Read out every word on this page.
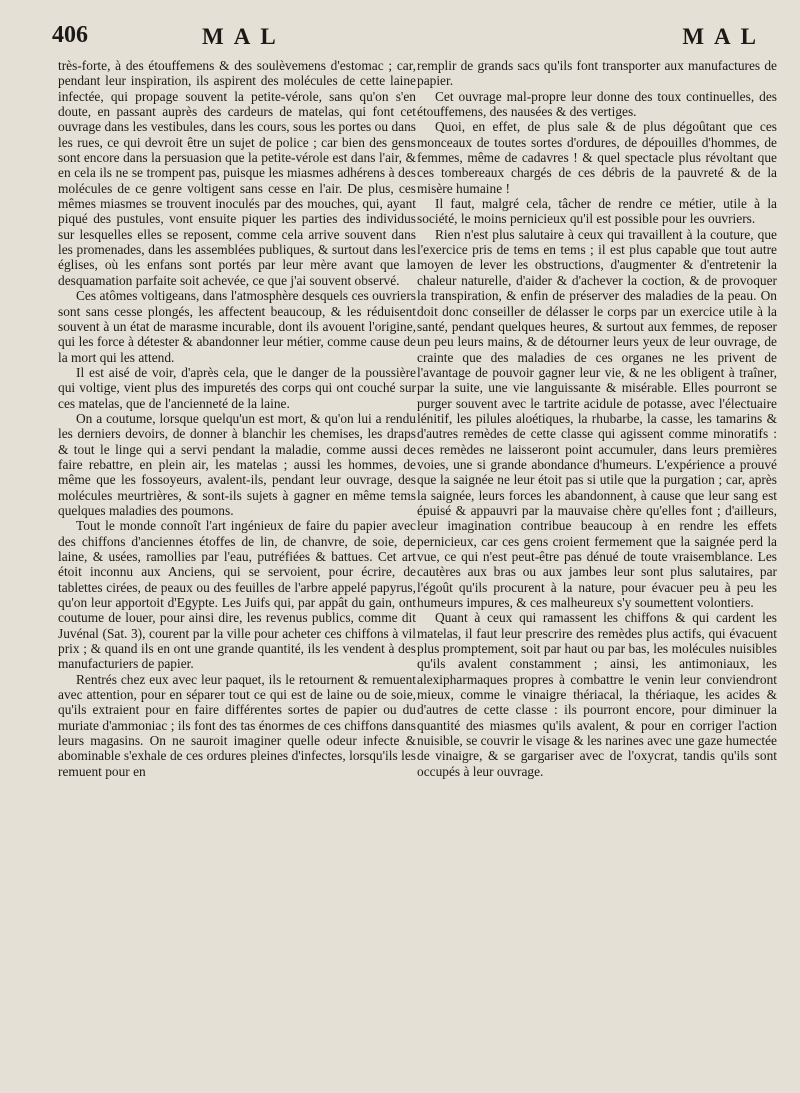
406	MAL	MAL

très-forte, à des étouffemens & des soulèvemens d'estomac ; car, pendant leur inspiration, ils aspirent des molécules de cette laine infectée, qui propage souvent la petite-vérole, sans qu'on s'en doute, en passant auprès des cardeurs de matelas, qui font cet ouvrage dans les vestibules, dans les cours, sous les portes ou dans les rues, ce qui devroit être un sujet de police ; car bien des gens sont encore dans la persuasion que la petite-vérole est dans l'air, & en cela ils ne se trompent pas, puisque les miasmes adhérens à des molécules de ce genre voltigent sans cesse en l'air. De plus, ces mêmes miasmes se trouvent inoculés par des mouches, qui, ayant piqué des pustules, vont ensuite piquer les parties des individus sur lesquelles elles se reposent, comme cela arrive souvent dans les promenades, dans les assemblées publiques, & surtout dans les églises, où les enfans sont portés par leur mère avant que la desquamation parfaite soit achevée, ce que j'ai souvent observé.

Ces atômes voltigeans, dans l'atmosphère desquels ces ouvriers sont sans cesse plongés, les affectent beaucoup, & les réduisent souvent à un état de marasme incurable, dont ils avouent l'origine, qui les force à détester & abandonner leur métier, comme cause de la mort qui les attend.

Il est aisé de voir, d'après cela, que le danger de la poussière qui voltige, vient plus des impuretés des corps qui ont couché sur ces matelas, que de l'ancienneté de la laine.

On a coutume, lorsque quelqu'un est mort, & qu'on lui a rendu les derniers devoirs, de donner à blanchir les chemises, les draps & tout le linge qui a servi pendant la maladie, comme aussi de faire rebattre, en plein air, les matelas ; aussi les hommes, de même que les fossoyeurs, avalent-ils, pendant leur ouvrage, des molécules meurtrières, & sont-ils sujets à gagner en même tems quelques maladies des poumons.

Tout le monde connoît l'art ingénieux de faire du papier avec des chiffons d'anciennes étoffes de lin, de chanvre, de soie, de laine, & usées, ramollies par l'eau, putréfiées & battues. Cet art étoit inconnu aux Anciens, qui se servoient, pour écrire, de tablettes cirées, de peaux ou des feuilles de l'arbre appelé papyrus, qu'on leur apportoit d'Egypte. Les Juifs qui, par appât du gain, ont coutume de louer, pour ainsi dire, les revenus publics, comme dit Juvénal (Sat. 3), courent par la ville pour acheter ces chiffons à vil prix ; & quand ils en ont une grande quantité, ils les vendent à des manufacturiers de papier.

Rentrés chez eux avec leur paquet, ils le retournent & remuent avec attention, pour en séparer tout ce qui est de laine ou de soie, qu'ils extraient pour en faire différentes sortes de papier ou du muriate d'ammoniac ; ils font des tas énormes de ces chiffons dans leurs magasins. On ne sauroit imaginer quelle odeur infecte & abominable s'exhale de ces ordures pleines d'infectes, lorsqu'ils les remuent pour en

remplir de grands sacs qu'ils font transporter aux manufactures de papier.

Cet ouvrage mal-propre leur donne des toux continuelles, des étouffemens, des nausées & des vertiges.

Quoi, en effet, de plus sale & de plus dégoûtant que ces monceaux de toutes sortes d'ordures, de dépouilles d'hommes, de femmes, même de cadavres ! & quel spectacle plus révoltant que ces tombereaux chargés de ces débris de la pauvreté & de la misère humaine !

Il faut, malgré cela, tâcher de rendre ce métier, utile à la société, le moins pernicieux qu'il est possible pour les ouvriers.

Rien n'est plus salutaire à ceux qui travaillent à la couture, que l'exercice pris de tems en tems ; il est plus capable que tout autre moyen de lever les obstructions, d'augmenter & d'entretenir la chaleur naturelle, d'aider & d'achever la coction, & de provoquer la transpiration, & enfin de préserver des maladies de la peau. On doit donc conseiller de délasser le corps par un exercice utile à la santé, pendant quelques heures, & surtout aux femmes, de reposer un peu leurs mains, & de détourner leurs yeux de leur ouvrage, de crainte que des maladies de ces organes ne les privent de l'avantage de pouvoir gagner leur vie, & ne les obligent à traîner, par la suite, une vie languissante & misérable. Elles pourront se purger souvent avec le tartrite acidule de potasse, avec l'électuaire lénitif, les pilules aloétiques, la rhubarbe, la casse, les tamarins & d'autres remèdes de cette classe qui agissent comme minoratifs : ces remèdes ne laisseront point accumuler, dans leurs premières voies, une si grande abondance d'humeurs. L'expérience a prouvé que la saignée ne leur étoit pas si utile que la purgation ; car, après la saignée, leurs forces les abandonnent, à cause que leur sang est épuisé & appauvri par la mauvaise chère qu'elles font ; d'ailleurs, leur imagination contribue beaucoup à en rendre les effets pernicieux, car ces gens croient fermement que la saignée perd la vue, ce qui n'est peut-être pas dénué de toute vraisemblance. Les cautères aux bras ou aux jambes leur sont plus salutaires, par l'égoût qu'ils procurent à la nature, pour évacuer peu à peu les humeurs impures, & ces malheureux s'y soumettent volontiers.

Quant à ceux qui ramassent les chiffons & qui cardent les matelas, il faut leur prescrire des remèdes plus actifs, qui évacuent plus promptement, soit par haut ou par bas, les molécules nuisibles qu'ils avalent constamment ; ainsi, les antimoniaux, les alexipharmaques propres à combattre le venin leur conviendront mieux, comme le vinaigre thériacal, la thériaque, les acides & d'autres de cette classe : ils pourront encore, pour diminuer la quantité des miasmes qu'ils avalent, & pour en corriger l'action nuisible, se couvrir le visage & les narines avec une gaze humectée de vinaigre, & se gargariser avec de l'oxycrat, tandis qu'ils sont occupés à leur ouvrage.
